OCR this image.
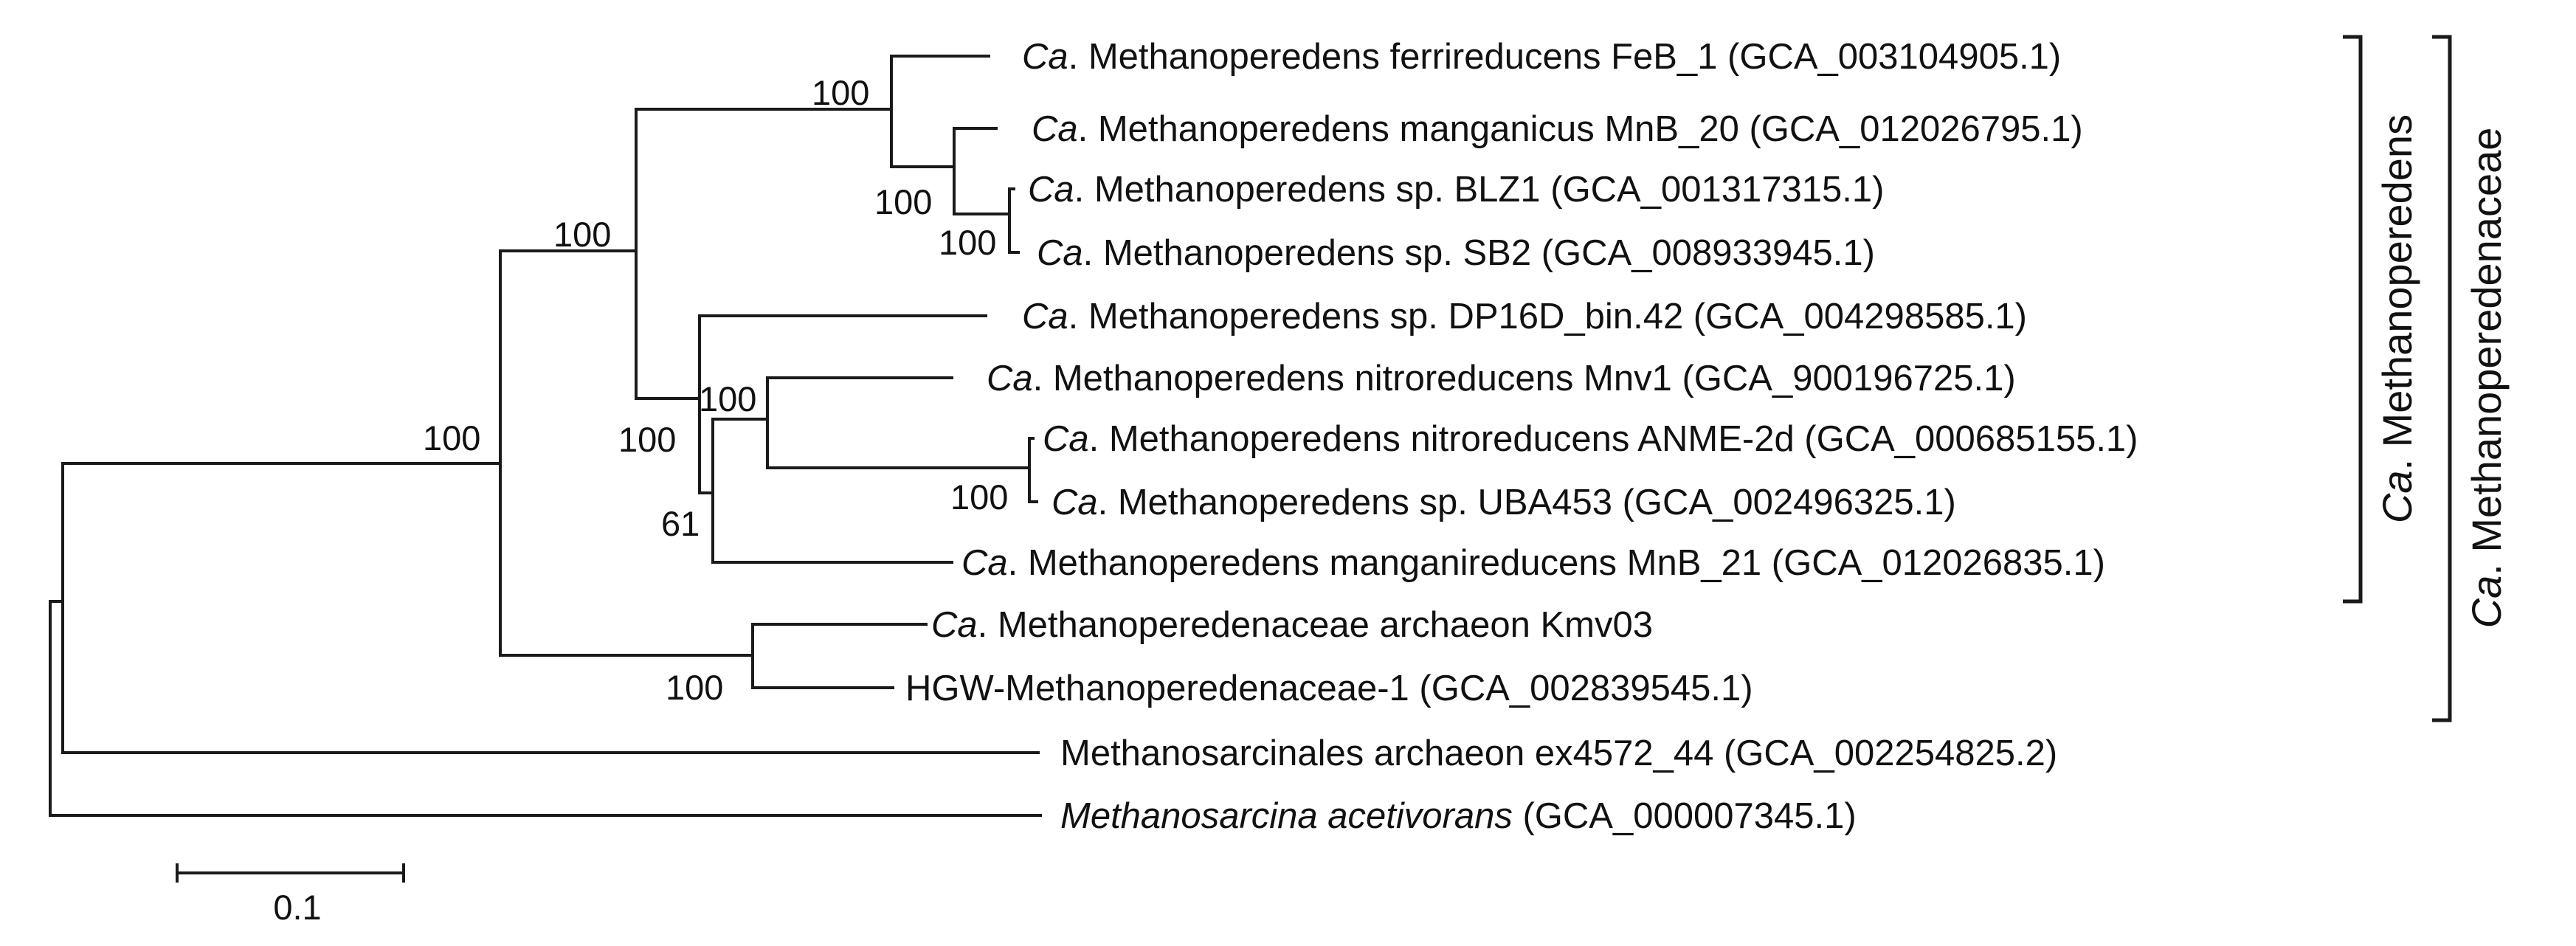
Ca. Methanoperedens ferrireducens FeB_1 (GCA_003104905.1)
Ca. Methanoperedens manganicus MnB_20 (GCA_012026795.1)
Ca. Methanoperedens sp. BLZ1 (GCA_001317315.1)
Ca. Methanoperedens sp. SB2 (GCA_008933945.1)
Ca. Methanoperedens sp. DP16D_bin.42 (GCA_004298585.1)
Ca. Methanoperedens nitroreducens Mnv1 (GCA_900196725.1)
Ca. Methanoperedens nitroreducens ANME-2d (GCA_000685155.1)
Ca. Methanoperedens sp. UBA453 (GCA_002496325.1)
Ca. Methanoperedens manganireducens MnB_21 (GCA_012026835.1)
Ca. Methanoperedenaceae archaeon Kmv03
HGW-Methanoperedenaceae-1 (GCA_002839545.1)
Methanosarcinales archaeon ex4572_44 (GCA_002254825.2)
Methanosarcina acetivorans (GCA_000007345.1)
100
100
100
100
100
100
100
61
100
100
Ca. Methanoperedens
Ca. Methanoperedenaceae
0.1
